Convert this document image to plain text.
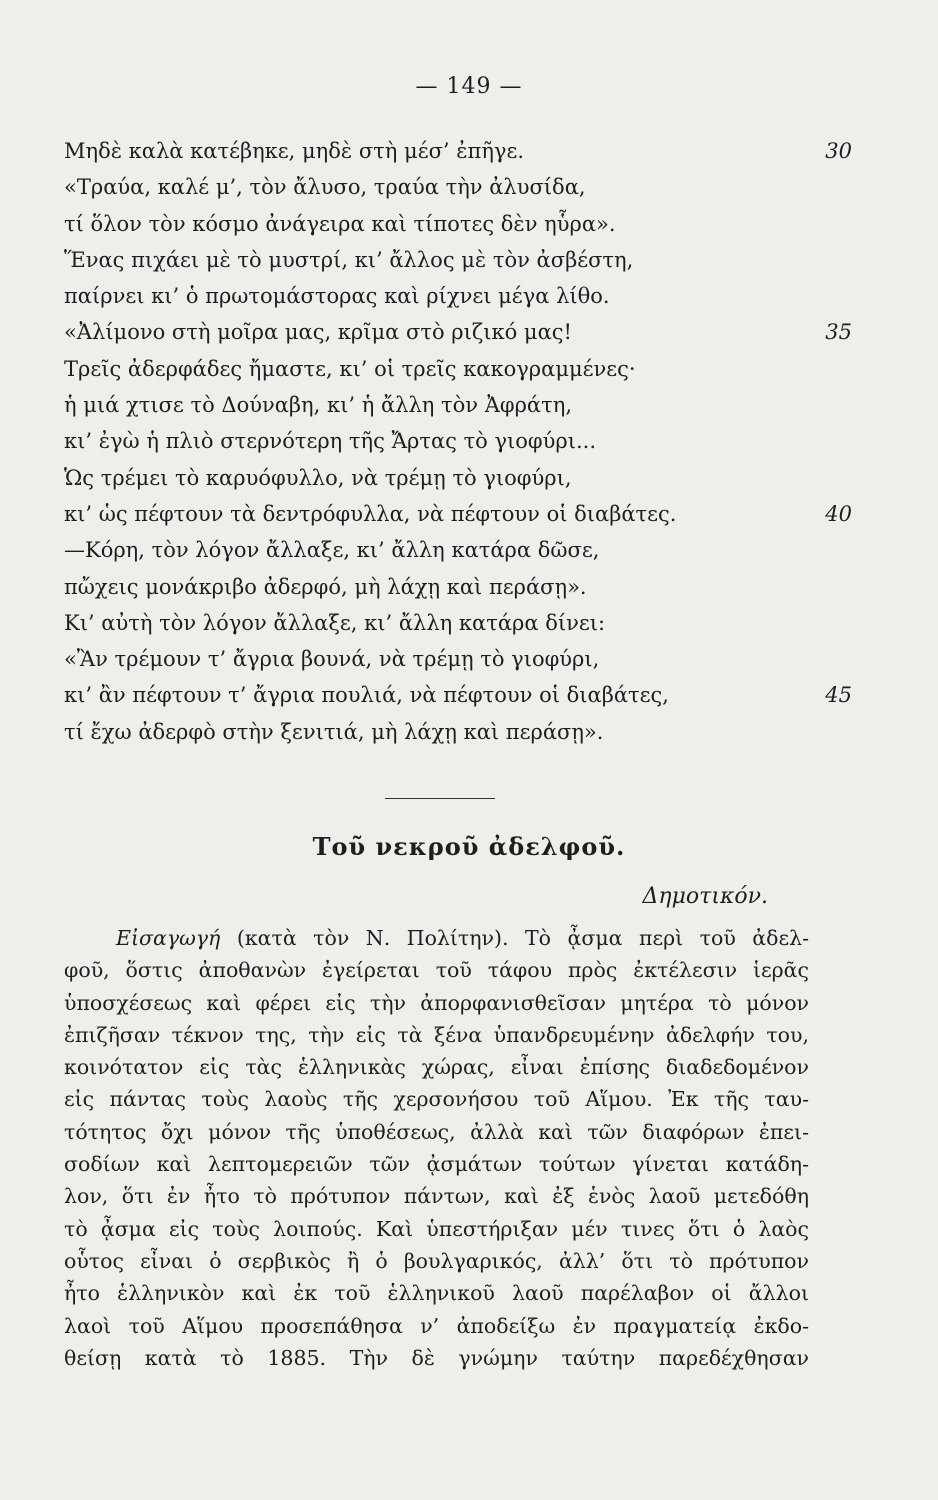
— 149 —
Μηδὲ καλὰ κατέβηκε, μηδὲ στὴ μέσ’ ἐπῆγε.	30
«Τραύα, καλέ μ’, τὸν ἄλυσο, τραύα τὴν ἀλυσίδα,
τί ὅλον τὸν κόσμο ἀνάγειρα καὶ τίποτες δὲν ηὗρα».
Ἕνας πιχάει μὲ τὸ μυστρί, κι’ ἄλλος μὲ τὸν ἀσβέστη,
παίρνει κι’ ὁ πρωτομάστορας καὶ ρίχνει μέγα λίθο.
«Ἀλίμονο στὴ μοῖρα μας, κρῖμα στὸ ριζικό μας!	35
Τρεῖς ἀδερφάδες ἤμαστε, κι’ οἱ τρεῖς κακογραμμένες·
ἡ μιά χτισε τὸ Δούναβη, κι’ ἡ ἄλλη τὸν Ἀφράτη,
κι’ ἐγὼ ἡ πλιὸ στερνότερη τῆς Ἄρτας τὸ γιοφύρι...
Ὡς τρέμει τὸ καρυόφυλλο, νὰ τρέμῃ τὸ γιοφύρι,
κι’ ὡς πέφτουν τὰ δεντρόφυλλα, νὰ πέφτουν οἱ διαβάτες.	40
—Κόρη, τὸν λόγον ἄλλαξε, κι’ ἄλλη κατάρα δῶσε,
πὤχεις μονάκριβο ἀδερφό, μὴ λάχῃ καὶ περάσῃ».
Κι’ αὐτὴ τὸν λόγον ἄλλαξε, κι’ ἄλλη κατάρα δίνει:
«Ἂν τρέμουν τ’ ἄγρια βουνά, νὰ τρέμῃ τὸ γιοφύρι,
κι’ ἂν πέφτουν τ’ ἄγρια πουλιά, νὰ πέφτουν οἱ διαβάτες,	45
τί ἔχω ἀδερφὸ στὴν ξενιτιά, μὴ λάχῃ καὶ περάσῃ».
Τοῦ νεκροῦ ἀδελφοῦ.
Δημοτικόν.
Εἰσαγωγή (κατὰ τὸν Ν. Πολίτην). Τὸ ᾆσμα περὶ τοῦ ἀδελ-
φοῦ, ὅστις ἀποθανὼν ἐγείρεται τοῦ τάφου πρὸς ἐκτέλεσιν ἱερᾶς
ὑποσχέσεως καὶ φέρει εἰς τὴν ἀπορφανισθεῖσαν μητέρα τὸ μόνον
ἐπιζῆσαν τέκνον της, τὴν εἰς τὰ ξένα ὑπανδρευμένην ἀδελφήν του,
κοινότατον εἰς τὰς ἑλληνικὰς χώρας, εἶναι ἐπίσης διαδεδομένον
εἰς πάντας τοὺς λαοὺς τῆς χερσονήσου τοῦ Αἵμου. Ἐκ τῆς ταυ-
τότητος ὄχι μόνον τῆς ὑποθέσεως, ἀλλὰ καὶ τῶν διαφόρων ἐπει-
σοδίων καὶ λεπτομερειῶν τῶν ᾀσμάτων τούτων γίνεται κατάδη-
λον, ὅτι ἐν ἦτο τὸ πρότυπον πάντων, καὶ ἐξ ἑνὸς λαοῦ μετεδόθη
τὸ ᾆσμα εἰς τοὺς λοιπούς. Καὶ ὑπεστήριξαν μέν τινες ὅτι ὁ λαὸς
οὗτος εἶναι ὁ σερβικὸς ἢ ὁ βουλγαρικός, ἀλλ’ ὅτι τὸ πρότυπον
ἦτο ἑλληνικὸν καὶ ἐκ τοῦ ἑλληνικοῦ λαοῦ παρέλαβον οἱ ἄλλοι
λαοὶ τοῦ Αἵμου προσεπάθησα ν’ ἀποδείξω ἐν πραγματείᾳ ἐκδο-
θείσῃ κατὰ τὸ 1885. Τὴν δὲ γνώμην ταύτην παρεδέχθησαν
